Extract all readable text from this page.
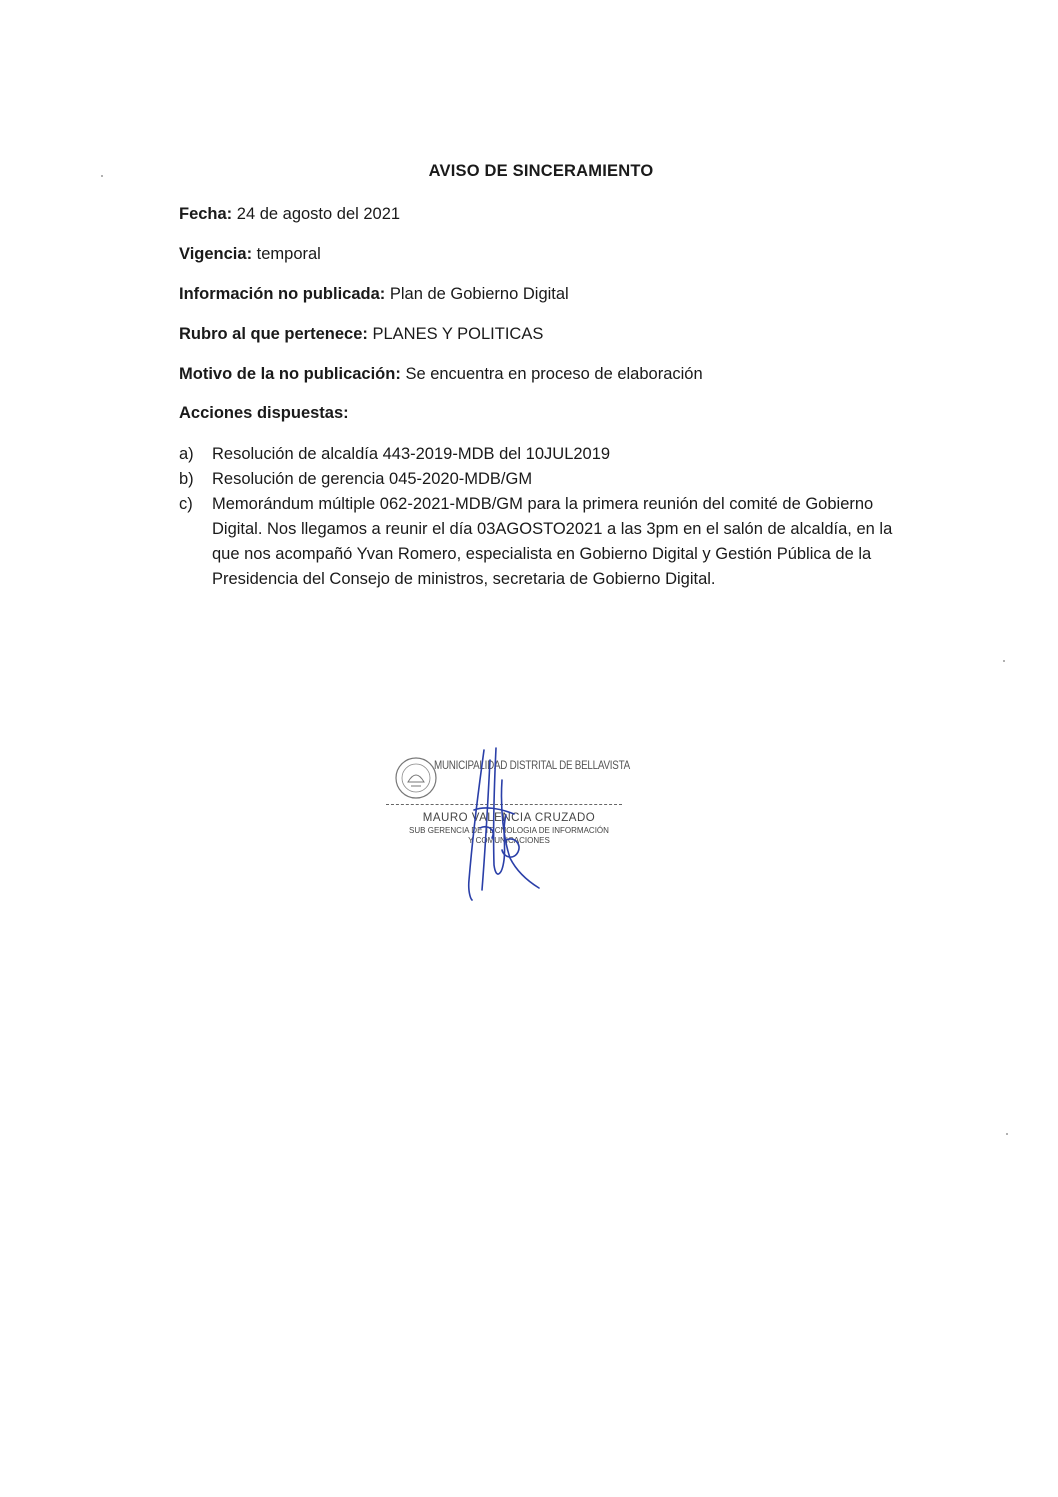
AVISO DE SINCERAMIENTO
Fecha: 24 de agosto del 2021
Vigencia: temporal
Información no publicada: Plan de Gobierno Digital
Rubro al que pertenece: PLANES Y POLITICAS
Motivo de la no publicación: Se encuentra en proceso de elaboración
Acciones dispuestas:
a) Resolución de alcaldía 443-2019-MDB del 10JUL2019
b) Resolución de gerencia 045-2020-MDB/GM
c) Memorándum múltiple 062-2021-MDB/GM para la primera reunión del comité de Gobierno Digital. Nos llegamos a reunir el día 03AGOSTO2021 a las 3pm en el salón de alcaldía, en la que nos acompañó Yvan Romero, especialista en Gobierno Digital y Gestión Pública de la Presidencia del Consejo de ministros, secretaria de Gobierno Digital.
MUNICIPALIDAD DISTRITAL DE BELLAVISTA
MAURO VALENCIA CRUZADO
SUB GERENCIA DE TECNOLOGIA DE INFORMACIÓN
Y COMUNICACIONES
